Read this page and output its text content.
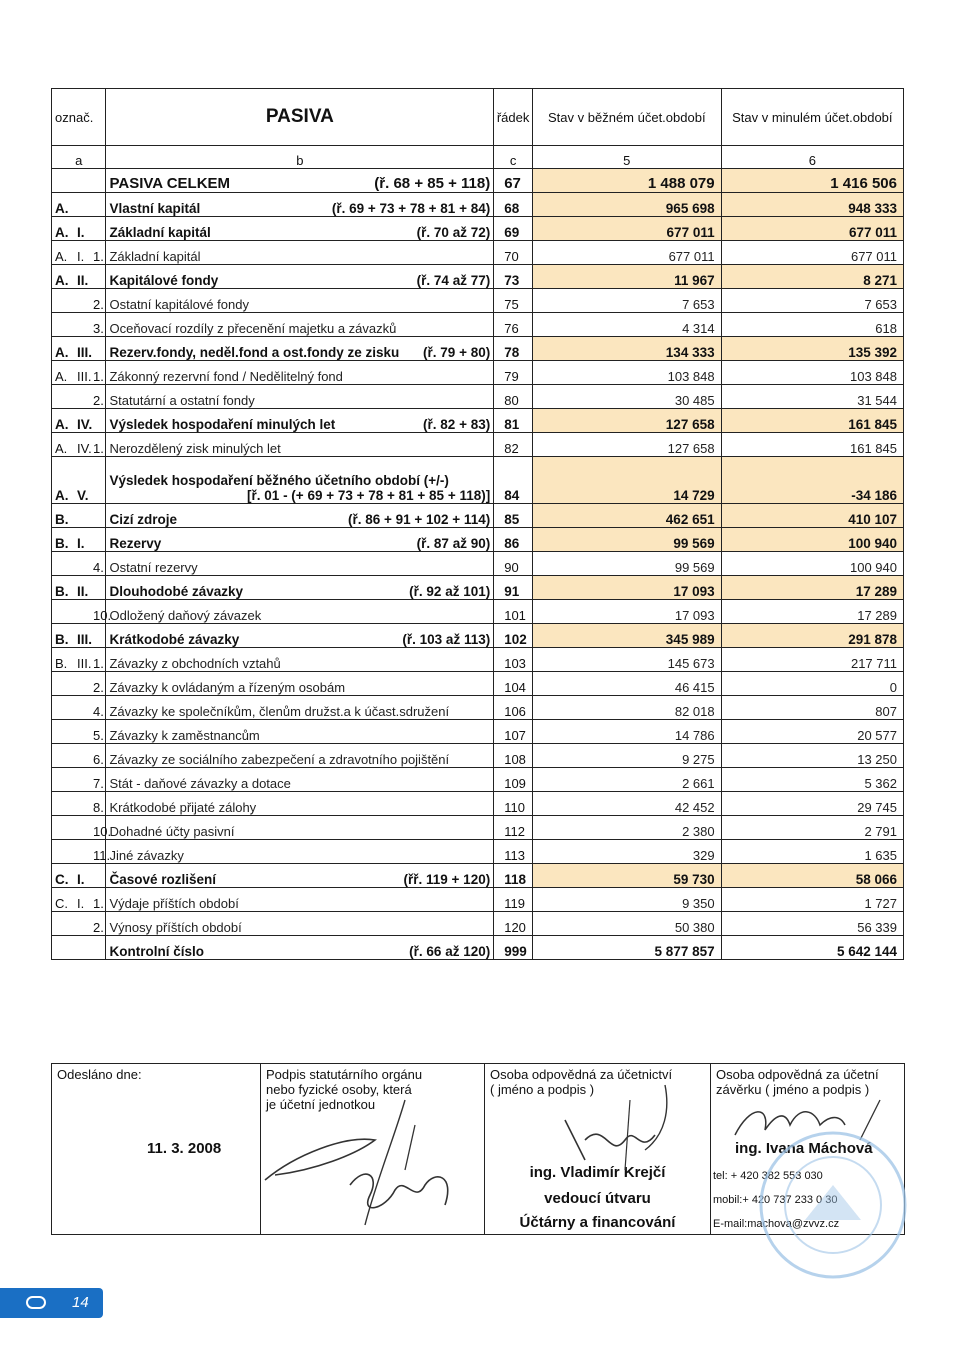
označ.	PASIVA	řádek	Stav v běžném účet.období	Stav v minulém účet.období
a	b	c	5	6

	PASIVA CELKEM (ř. 68 + 85 + 118)	67	1 488 079	1 416 506
A.	Vlastní kapitál (ř. 69 + 73 + 78 + 81 + 84)	68	965 698	948 333
A. I.	Základní kapitál (ř. 70 až 72)	69	677 011	677 011
A. I. 1.	Základní kapitál	70	677 011	677 011
A. II.	Kapitálové fondy (ř. 74 až 77)	73	11 967	8 271
2.	Ostatní kapitálové fondy	75	7 653	7 653
3.	Oceňovací rozdíly z přecenění majetku a závazků	76	4 314	618
A. III.	Rezerv.fondy, neděl.fond a ost.fondy ze zisku (ř. 79 + 80)	78	134 333	135 392
A. III. 1.	Zákonný rezervní fond / Nedělitelný fond	79	103 848	103 848
2.	Statutární a ostatní fondy	80	30 485	31 544
A. IV.	Výsledek hospodaření minulých let (ř. 82 + 83)	81	127 658	161 845
A. IV.1.	Nerozdělený zisk minulých let	82	127 658	161 845
A. V.	Výsledek hospodaření běžného účetního období (+/-)
[ř. 01 - (+ 69 + 73 + 78 + 81 + 85 + 118)]	84	14 729	-34 186
B.	Cizí zdroje (ř. 86 + 91 + 102 + 114)	85	462 651	410 107
B. I.	Rezervy (ř. 87 až 90)	86	99 569	100 940
4.	Ostatní rezervy	90	99 569	100 940
B. II.	Dlouhodobé závazky (ř. 92 až 101)	91	17 093	17 289
10.	Odložený daňový závazek	101	17 093	17 289
B. III.	Krátkodobé závazky (ř. 103 až 113)	102	345 989	291 878
B. III. 1.	Závazky z obchodních vztahů	103	145 673	217 711
2.	Závazky k ovládaným a řízeným osobám	104	46 415	0
4.	Závazky ke společníkům, členům družst.a k účast.sdružení	106	82 018	807
5.	Závazky k zaměstnancům	107	14 786	20 577
6.	Závazky ze sociálního zabezpečení a zdravotního pojištění	108	9 275	13 250
7.	Stát - daňové závazky a dotace	109	2 661	5 362
8.	Krátkodobé přijaté zálohy	110	42 452	29 745
10.	Dohadné účty pasivní	112	2 380	2 791
11.	Jiné závazky	113	329	1 635
C. I.	Časové rozlišení (řř. 119 + 120)	118	59 730	58 066
C. I. 1.	Výdaje příštích období	119	9 350	1 727
2.	Výnosy příštích období	120	50 380	56 339

	Kontrolní číslo (ř. 66 až 120)	999	5 877 857	5 642 144
Odesláno dne:
11. 3. 2008

Podpis statutárního orgánu
nebo fyzické osoby, která
je účetní jednotkou

Osoba odpovědná za účetnictví
( jméno a podpis )
ing. Vladimír Krejčí
vedoucí útvaru
Účtárny a financování

Osoba odpovědná za účetní
závěrku ( jméno a podpis )
ing. Ivana Máchová
tel: + 420 382 553 030
mobil:+ 420 737 233 0 30
E-mail:machova@zvvz.cz
14
